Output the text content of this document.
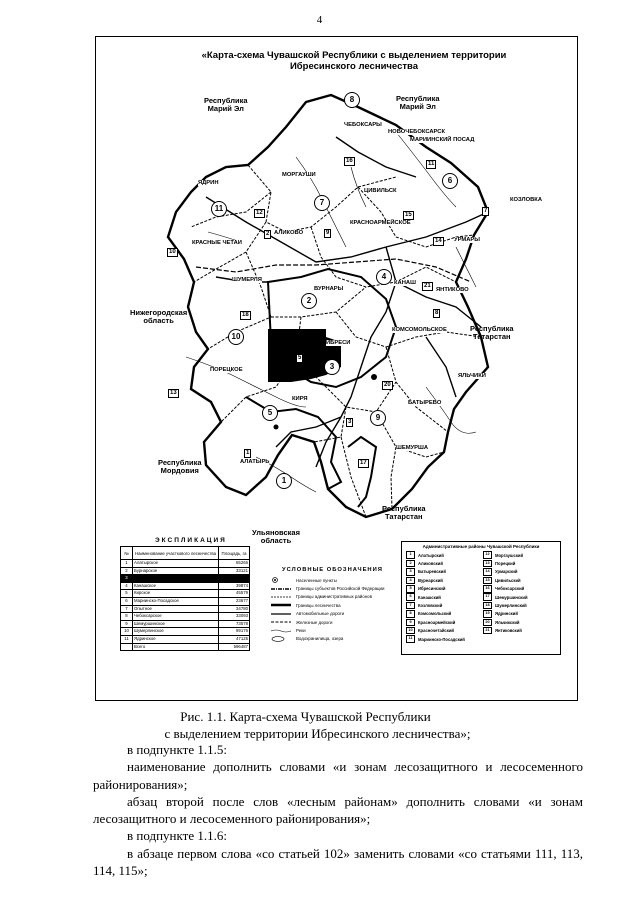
4
«Карта-схема Чувашской Республики с выделением территории
Ибресинского лесничества
Республика
Марий Эл
Республика
Марий Эл
Нижегородская
область
Республика
Татарстан
Республика
Мордовия
Республика
Татарстан
Ульяновская
область
ЧЕБОКСАРЫ
НОВОЧЕБОКСАРСК
МАРИИНСКИЙ ПОСАД
ЯДРИН
МОРГАУШИ
ЦИВИЛЬСК
КОЗЛОВКА
АЛИКОВО
КРАСНОАРМЕЙСКОЕ
УРМАРЫ
КРАСНЫЕ ЧЕТАИ
ШУМЕРЛЯ
ВУРНАРЫ
КАНАШ
ЯНТИКОВО
ИБРЕСИ
КОМСОМОЛЬСКОЕ
ПОРЕЦКОЕ
ЯЛЬЧИКИ
КИРЯ
БАТЫРЕВО
ШЕМУРША
АЛАТЫРЬ
8
11
7
6
4
10
3
5
9
1
2
2
16	11
7
9
15
14
8
12
21
20
10
18
13
1
17
5
3
ЭКСПЛИКАЦИЯ
№	Наименование участкового лесничества	Площадь, га
1	Алатырское	65266
2	Бурнарское	33121
3		
4	Канашское	39874
5	Кирское	45579
6	Мариинско-Посадское	23677
7	Опытное	34780
8	Чебоксарское	33093
9	Шемуршинское	73578
10	Шумерлинское	99176
11	Ядринское	47125
	Всего	596487
УСЛОВНЫЕ ОБОЗНАЧЕНИЯ
Населенные пункты
Границы субъектов Российской Федерации
Границы административных районов
Границы лесничества
Автомобильные дороги
Железные дороги
Реки
Водохранилища, озера
Административные районы Чувашской Республики
1	Алатырский	12	Моргаушский
2	Аликовский	13	Порецкий
3	Батыревский	14	Урмарский
4	Вурнарский	15	Цивильский
5	Ибресинский	16	Чебоксарский
6	Канашский	17	Шемуршинский
7	Козловский	18	Шумерлинский
8	Комсомольский	19	Ядринский
9	Красноармейский	20	Яльчикский
10	Красночетайский	21	Янтиковский
11	Мариинско-Посадский
Рис. 1.1. Карта-схема Чувашской Республики
с выделением территории Ибресинского лесничества»;

в подпункте 1.1.5:

наименование дополнить словами «и зонам лесозащитного и лесосеменного районирования»;

абзац второй после слов «лесным районам» дополнить словами «и зонам лесозащитного и лесосеменного районирования»;

в подпункте 1.1.6:

в абзаце первом слова «со статьей 102» заменить словами «со статьями 111, 113, 114, 115»;
